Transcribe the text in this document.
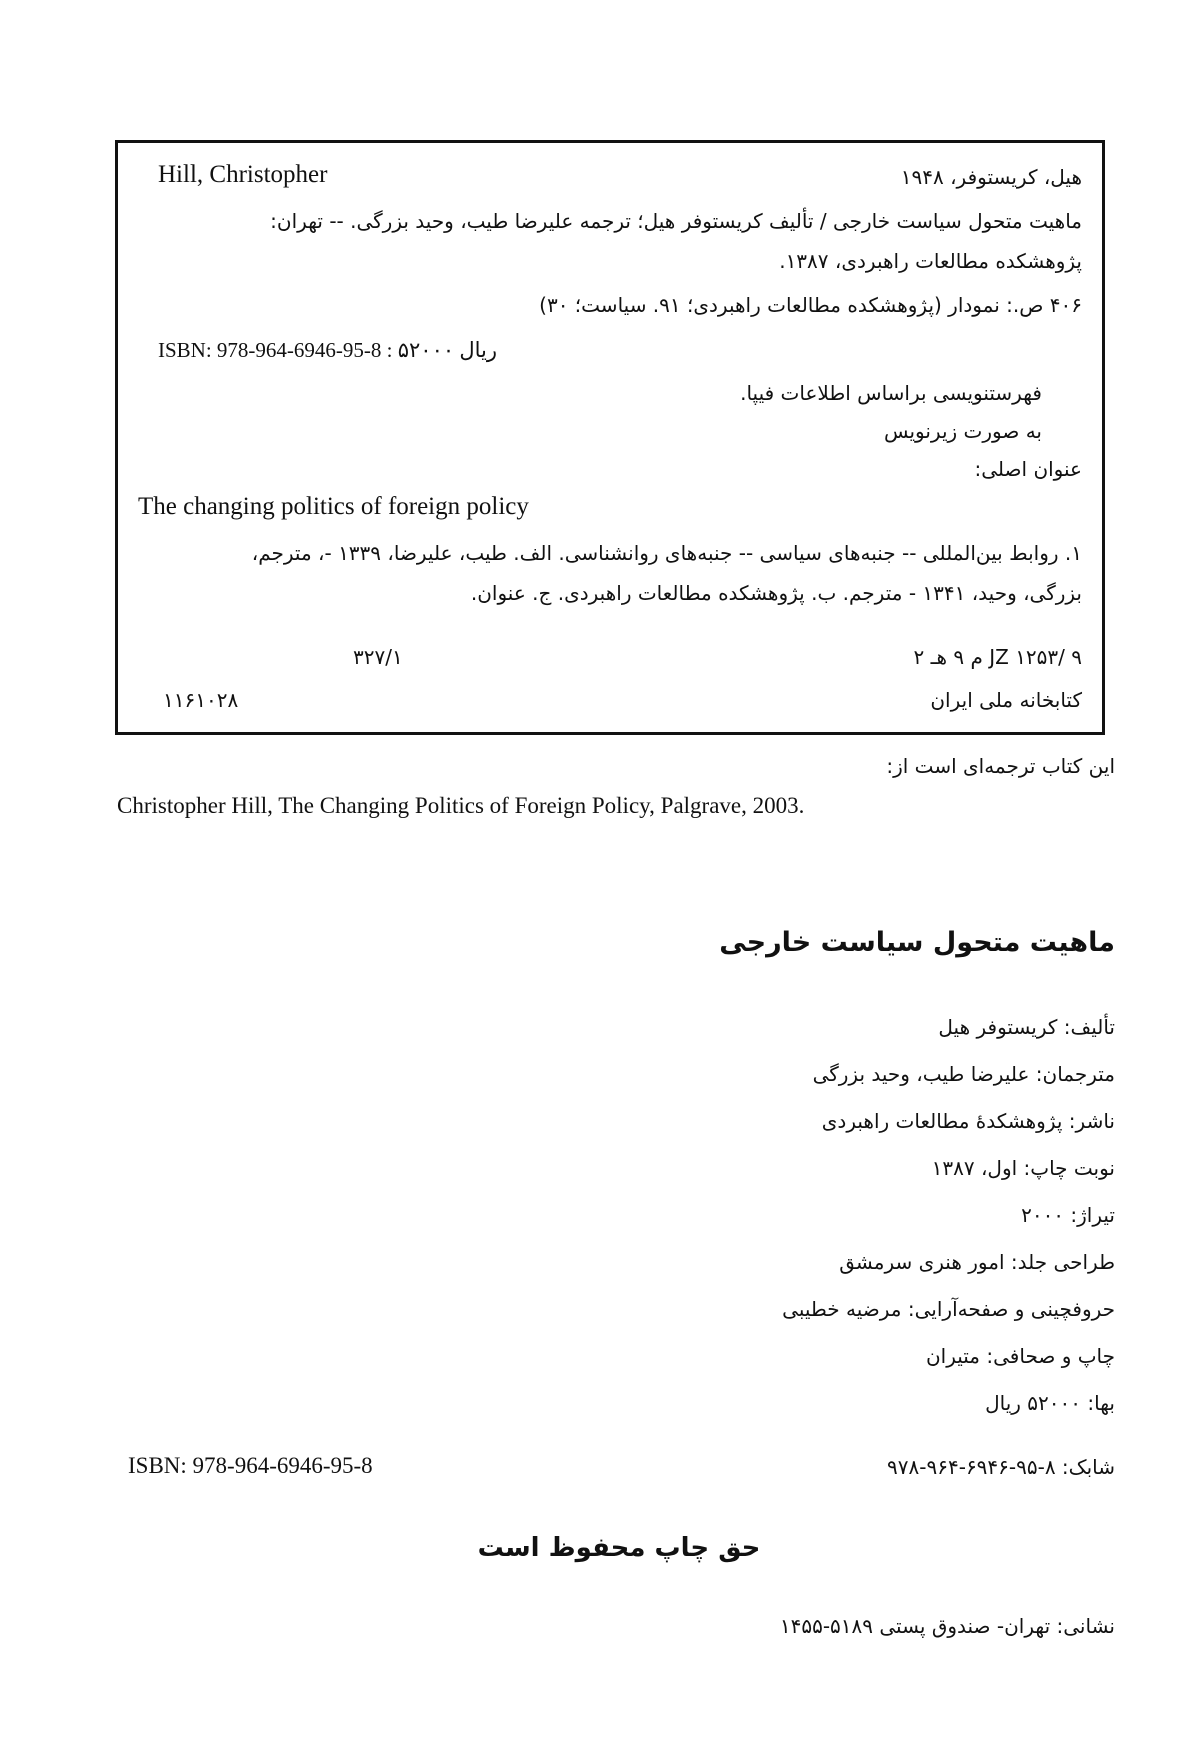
هیل، کریستوفر، ۱۹۴۸
Hill, Christopher
ماهیت متحول سیاست خارجی / تألیف کریستوفر هیل؛ ترجمه علیرضا طیب، وحید بزرگی. -- تهران:
پژوهشکده مطالعات راهبردی، ۱۳۸۷.
۴۰۶ ص.: نمودار (پژوهشکده مطالعات راهبردی؛ ۹۱. سیاست؛ ۳۰)
ISBN: 978-964-6946-95-8 : ۵۲۰۰۰ ریال
فهرستنویسی براساس اطلاعات فیپا.
به صورت زیرنویس
عنوان اصلی:
The changing politics of foreign policy
۱. روابط بین‌المللی -- جنبه‌های سیاسی -- جنبه‌های روانشناسی. الف. طیب، علیرضا، ۱۳۳۹ -، مترجم،
بزرگی، وحید، ۱۳۴۱ - مترجم. ب. پژوهشکده مطالعات راهبردی. ج. عنوان.
JZ ۱۲۵۳/ ۹ م ۹ هـ ۲
۳۲۷/۱
کتابخانه ملی ایران
۱۱۶۱۰۲۸
این کتاب ترجمه‌ای است از:
Christopher Hill, The Changing Politics of Foreign Policy, Palgrave, 2003.
ماهیت متحول سیاست خارجی
تألیف: کریستوفر هیل
مترجمان: علیرضا طیب، وحید بزرگی
ناشر: پژوهشکدهٔ مطالعات راهبردی
نوبت چاپ: اول، ۱۳۸۷
تیراژ: ۲۰۰۰
طراحی جلد: امور هنری سرمشق
حروفچینی و صفحه‌آرایی: مرضیه خطیبی
چاپ و صحافی: متیران
بها: ۵۲۰۰۰ ریال
شابک: ۸-۹۵-۶۹۴۶-۹۶۴-۹۷۸
ISBN: 978-964-6946-95-8
حق چاپ محفوظ است
نشانی: تهران- صندوق پستی ۵۱۸۹-۱۴۵۵
